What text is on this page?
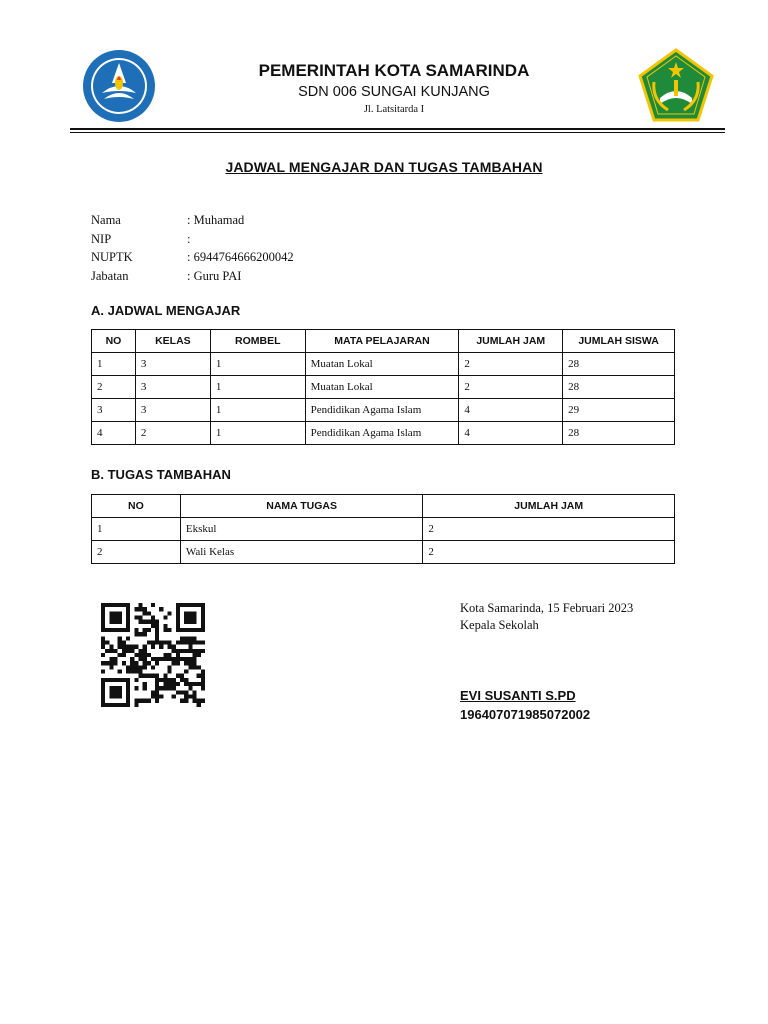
PEMERINTAH KOTA SAMARINDA
SDN 006 SUNGAI KUNJANG
Jl. Latsitarda I
JADWAL MENGAJAR DAN TUGAS TAMBAHAN
Nama	: Muhamad
NIP	:
NUPTK	: 6944764666200042
Jabatan	: Guru PAI
A. JADWAL MENGAJAR
NO	KELAS	ROMBEL	MATA PELAJARAN	JUMLAH JAM	JUMLAH SISWA
1	3	1	Muatan Lokal	2	28
2	3	1	Muatan Lokal	2	28
3	3	1	Pendidikan Agama Islam	4	29
4	2	1	Pendidikan Agama Islam	4	28
B. TUGAS TAMBAHAN
NO	NAMA TUGAS	JUMLAH JAM
1	Ekskul	2
2	Wali Kelas	2
Kota Samarinda, 15 Februari 2023
Kepala Sekolah
EVI SUSANTI S.PD
196407071985072002
